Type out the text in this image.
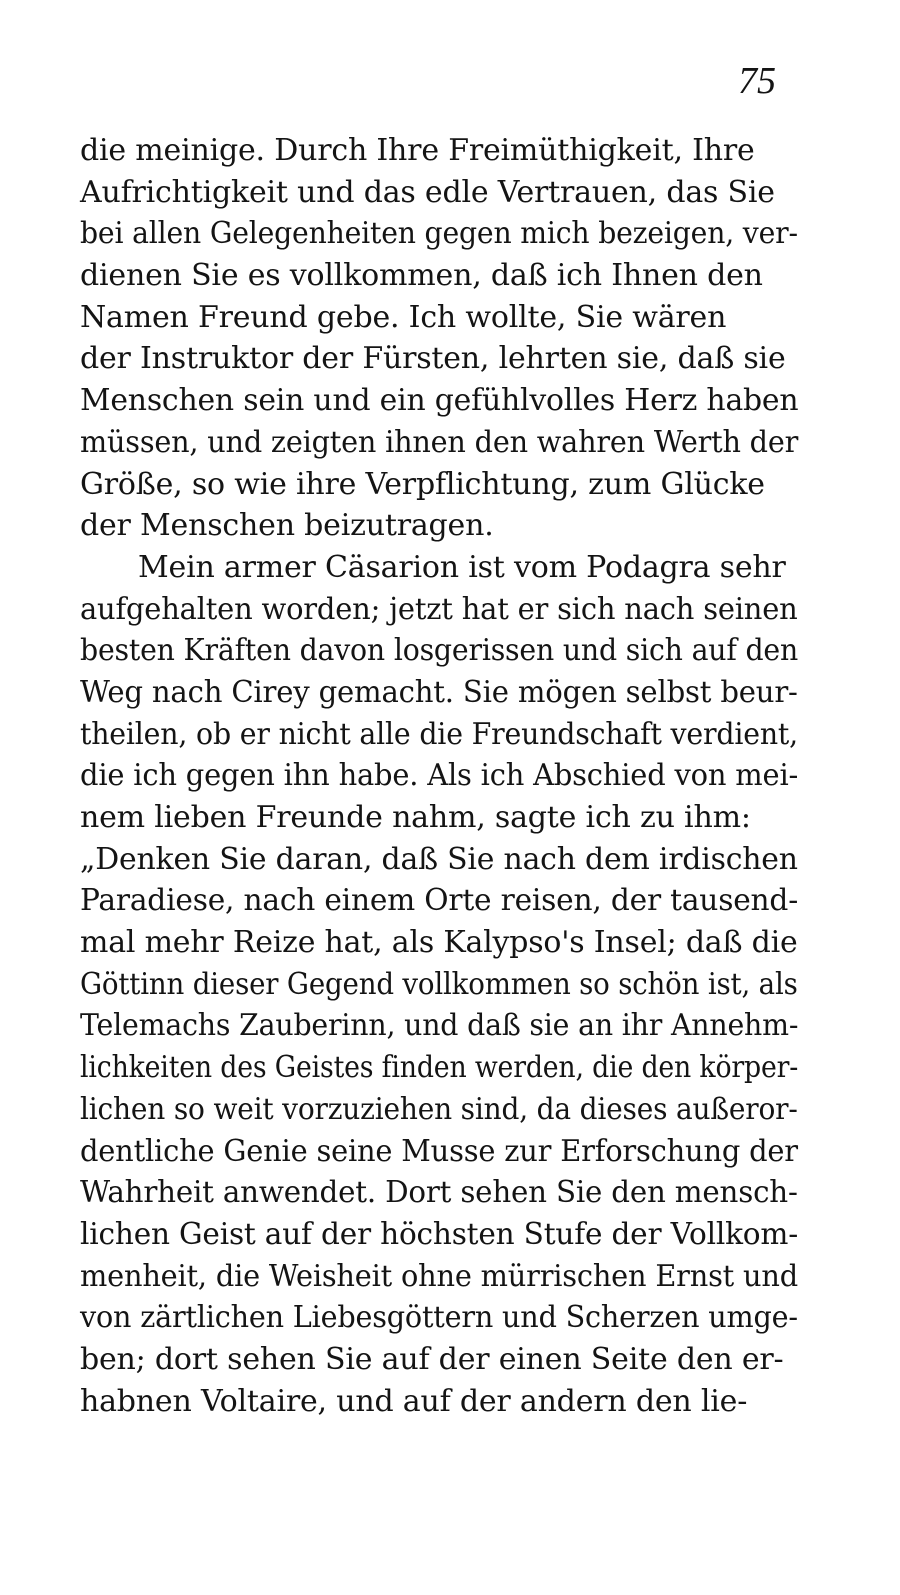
75
die meinige. Durch Ihre Freimüthigkeit, Ihre
Aufrichtigkeit und das edle Vertrauen, das Sie
bei allen Gelegenheiten gegen mich bezeigen, ver-
dienen Sie es vollkommen, daß ich Ihnen den
Namen Freund gebe. Ich wollte, Sie wären
der Instruktor der Fürsten, lehrten sie, daß sie
Menschen sein und ein gefühlvolles Herz haben
müssen, und zeigten ihnen den wahren Werth der
Größe, so wie ihre Verpflichtung, zum Glücke
der Menschen beizutragen.
Mein armer Cäsarion ist vom Podagra sehr
aufgehalten worden; jetzt hat er sich nach seinen
besten Kräften davon losgerissen und sich auf den
Weg nach Cirey gemacht. Sie mögen selbst beur-
theilen, ob er nicht alle die Freundschaft verdient,
die ich gegen ihn habe. Als ich Abschied von mei-
nem lieben Freunde nahm, sagte ich zu ihm:
„Denken Sie daran, daß Sie nach dem irdischen
Paradiese, nach einem Orte reisen, der tausend-
mal mehr Reize hat, als Kalypso's Insel; daß die
Göttinn dieser Gegend vollkommen so schön ist, als
Telemachs Zauberinn, und daß sie an ihr Annehm-
lichkeiten des Geistes finden werden, die den körper-
lichen so weit vorzuziehen sind, da dieses außeror-
dentliche Genie seine Musse zur Erforschung der
Wahrheit anwendet. Dort sehen Sie den mensch-
lichen Geist auf der höchsten Stufe der Vollkom-
menheit, die Weisheit ohne mürrischen Ernst und
von zärtlichen Liebesgöttern und Scherzen umge-
ben; dort sehen Sie auf der einen Seite den er-
habnen Voltaire, und auf der andern den lie-
